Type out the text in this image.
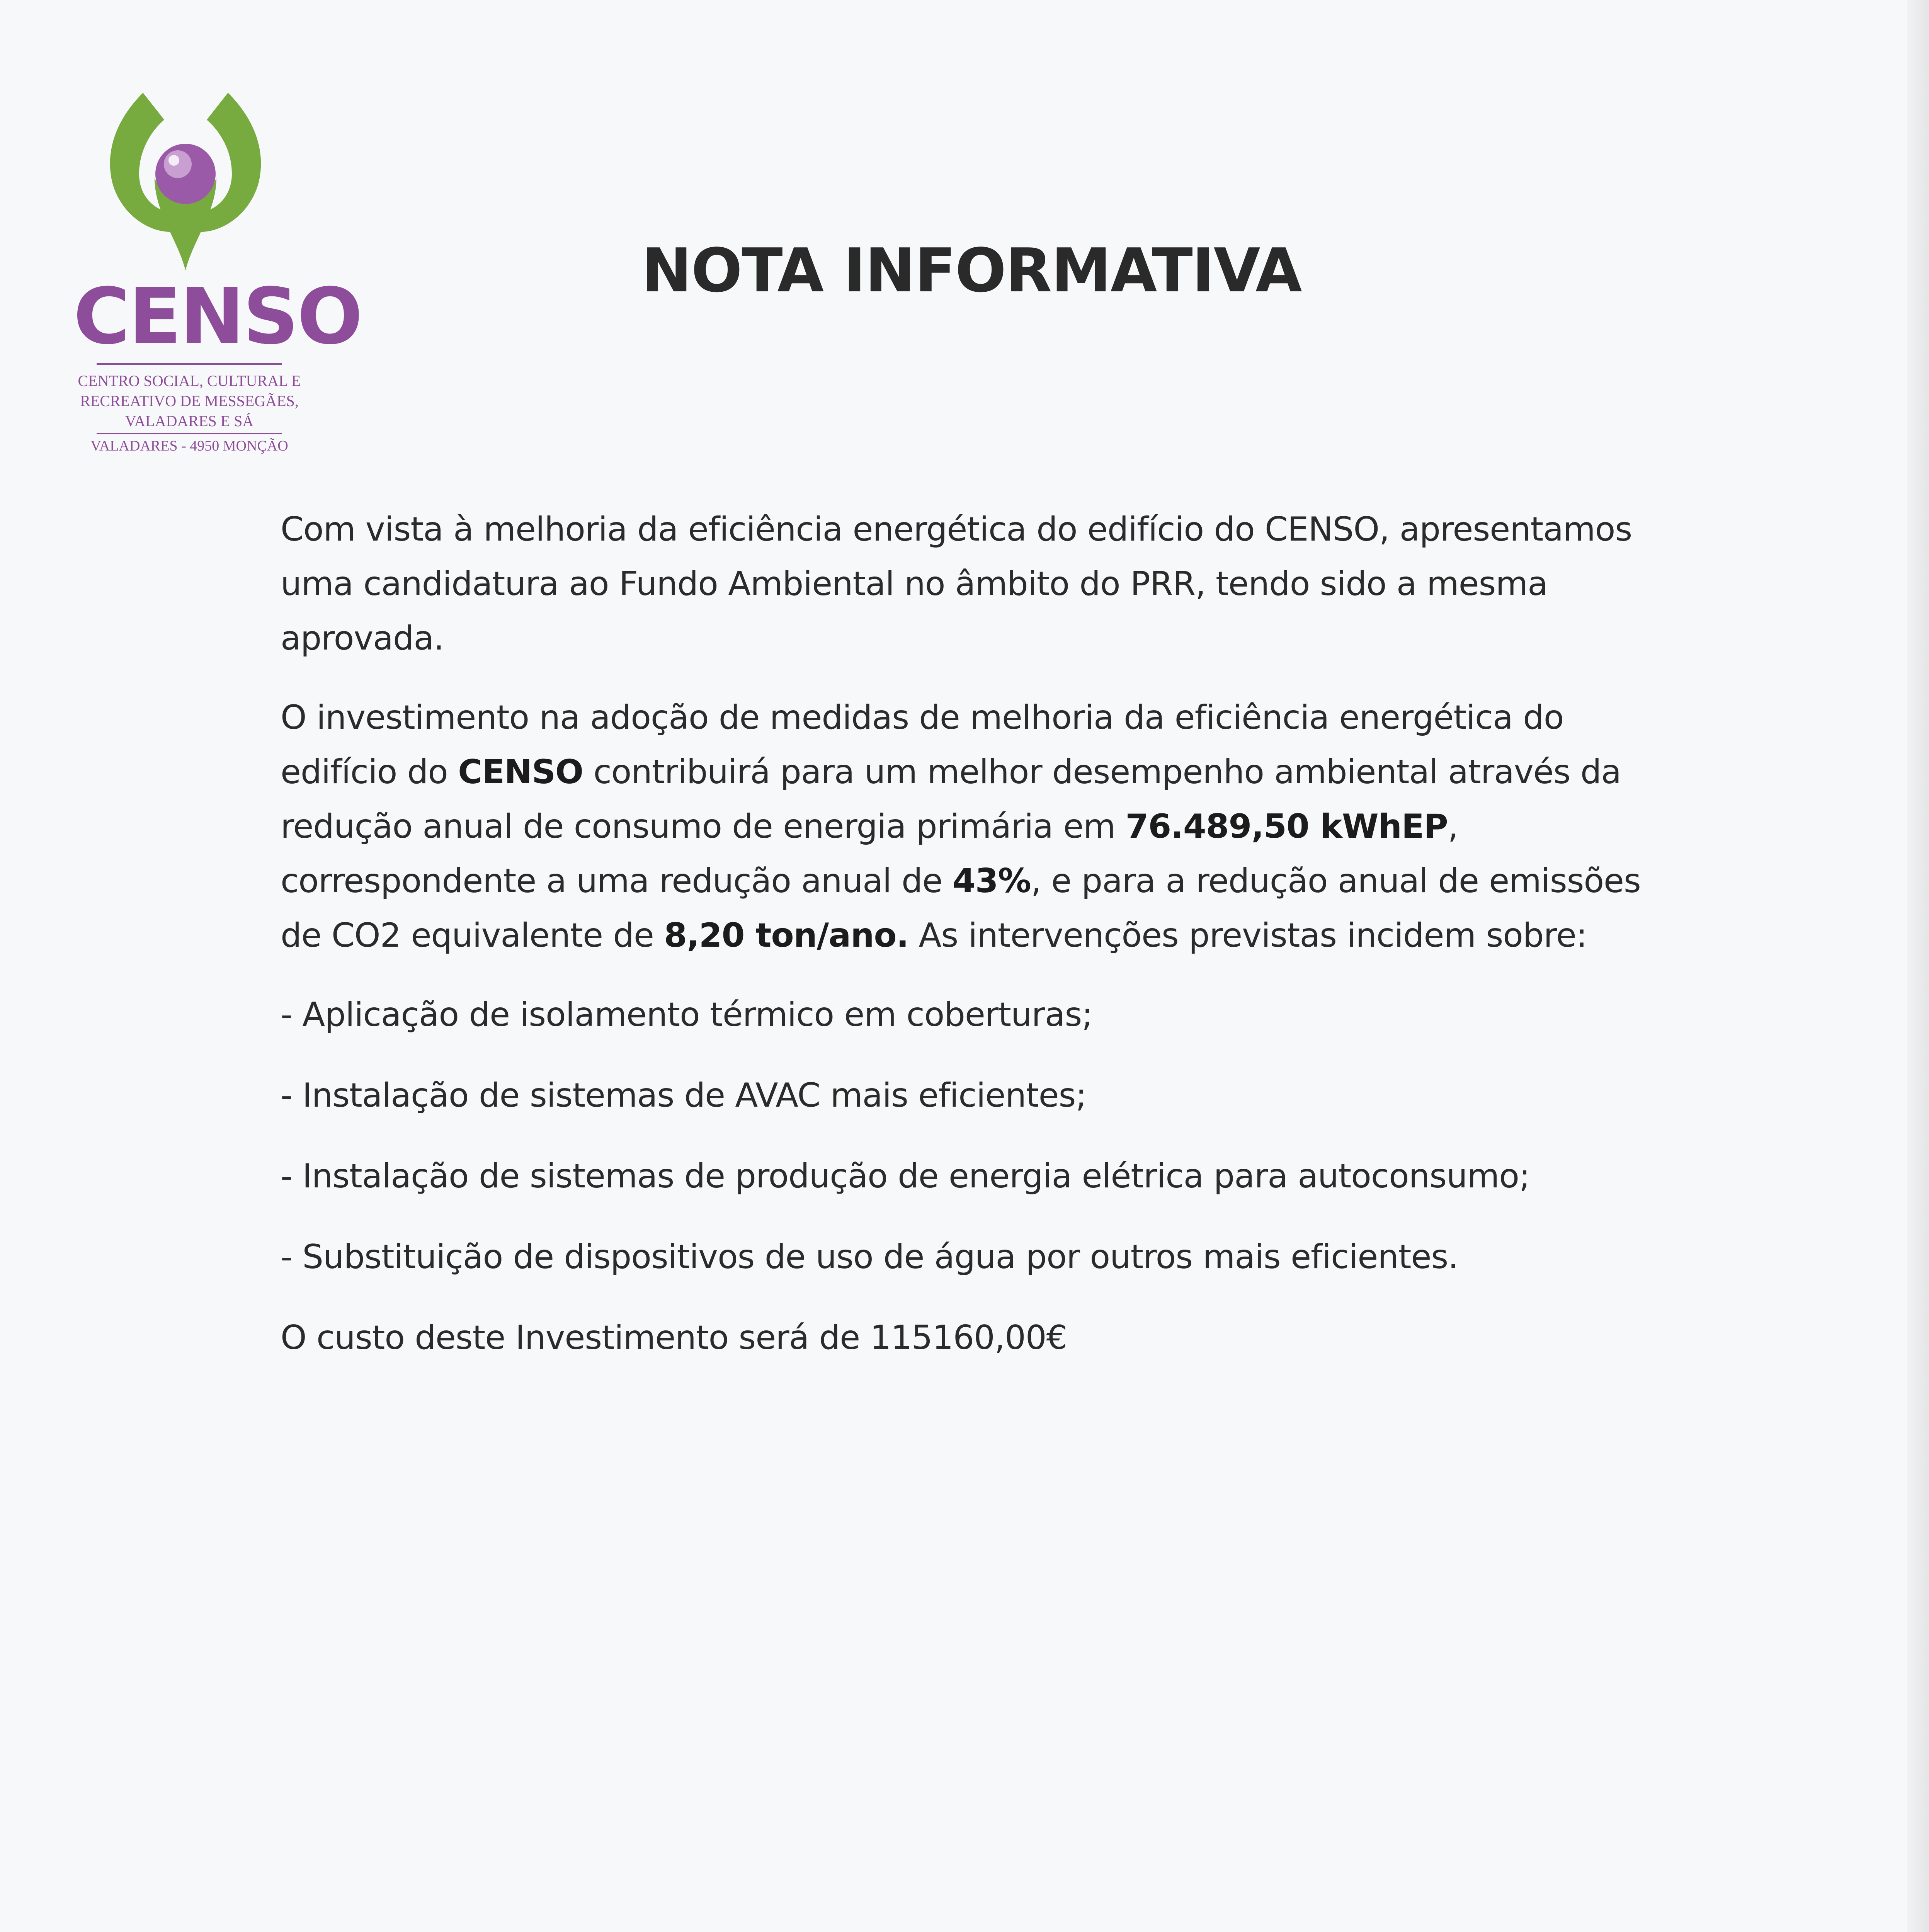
CENSO
CENTRO SOCIAL, CULTURAL E
RECREATIVO DE MESSEGÃES,
VALADARES E SÁ
VALADARES - 4950 MONÇÃO
NOTA INFORMATIVA

Com vista à melhoria da eficiência energética do edifício do CENSO, apresentamos uma candidatura ao Fundo Ambiental no âmbito do PRR, tendo sido a mesma aprovada.

O investimento na adoção de medidas de melhoria da eficiência energética do edifício do CENSO contribuirá para um melhor desempenho ambiental através da redução anual de consumo de energia primária em 76.489,50 kWhEP, correspondente a uma redução anual de 43%, e para a redução anual de emissões de CO2 equivalente de 8,20 ton/ano. As intervenções previstas incidem sobre:

- Aplicação de isolamento térmico em coberturas;

- Instalação de sistemas de AVAC mais eficientes;

- Instalação de sistemas de produção de energia elétrica para autoconsumo;

- Substituição de dispositivos de uso de água por outros mais eficientes.

O custo deste Investimento será de 115160,00€
